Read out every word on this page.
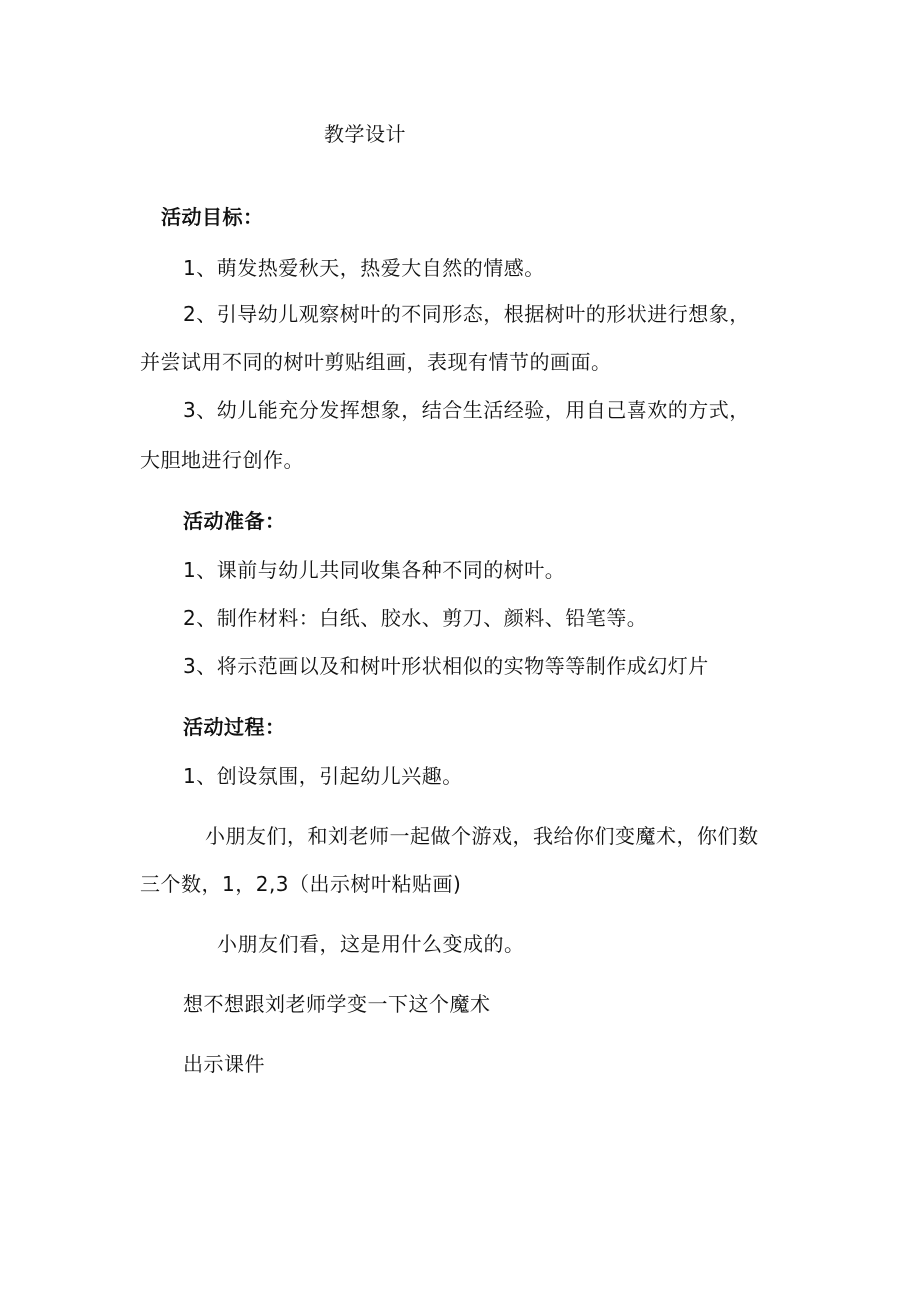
教学设计
活动目标：
1、萌发热爱秋天，热爱大自然的情感。
2、引导幼儿观察树叶的不同形态，根据树叶的形状进行想象，
并尝试用不同的树叶剪贴组画，表现有情节的画面。
3、幼儿能充分发挥想象，结合生活经验，用自己喜欢的方式，
大胆地进行创作。
活动准备：
1、课前与幼儿共同收集各种不同的树叶。
2、制作材料：白纸、胶水、剪刀、颜料、铅笔等。
3、将示范画以及和树叶形状相似的实物等等制作成幻灯片
活动过程：
1、创设氛围，引起幼儿兴趣。
小朋友们，和刘老师一起做个游戏，我给你们变魔术，你们数
三个数，1，2,3（出示树叶粘贴画)
小朋友们看，这是用什么变成的。
想不想跟刘老师学变一下这个魔术
出示课件
